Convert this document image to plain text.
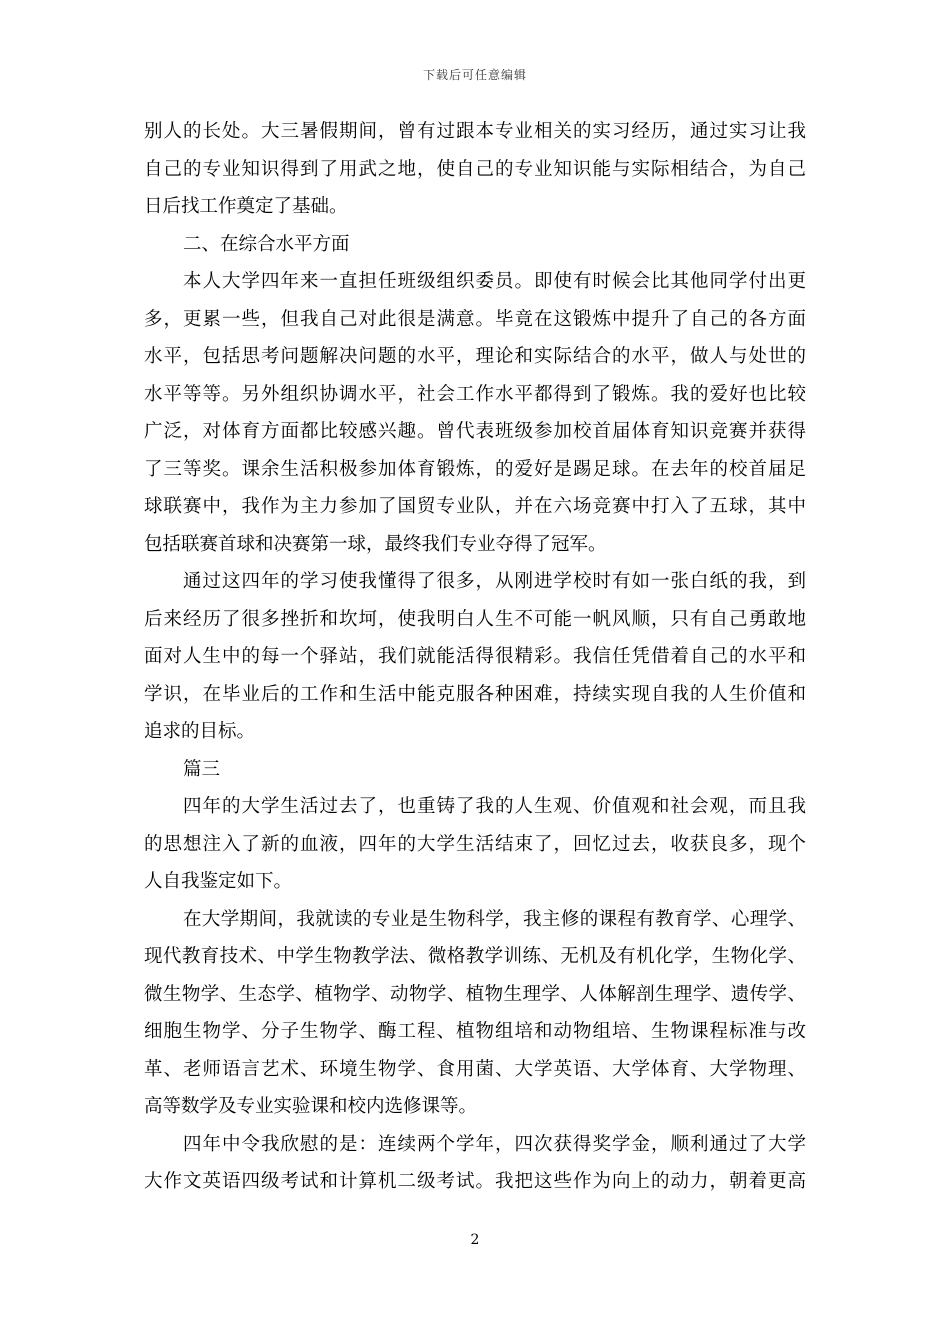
下载后可任意编辑
别人的长处。大三暑假期间，曾有过跟本专业相关的实习经历，通过实习让我
自己的专业知识得到了用武之地，使自己的专业知识能与实际相结合，为自己
日后找工作奠定了基础。
二、在综合水平方面
本人大学四年来一直担任班级组织委员。即使有时候会比其他同学付出更
多，更累一些，但我自己对此很是满意。毕竟在这锻炼中提升了自己的各方面
水平，包括思考问题解决问题的水平，理论和实际结合的水平，做人与处世的
水平等等。另外组织协调水平，社会工作水平都得到了锻炼。我的爱好也比较
广泛，对体育方面都比较感兴趣。曾代表班级参加校首届体育知识竞赛并获得
了三等奖。课余生活积极参加体育锻炼，的爱好是踢足球。在去年的校首届足
球联赛中，我作为主力参加了国贸专业队，并在六场竞赛中打入了五球，其中
包括联赛首球和决赛第一球，最终我们专业夺得了冠军。
通过这四年的学习使我懂得了很多，从刚进学校时有如一张白纸的我，到
后来经历了很多挫折和坎坷，使我明白人生不可能一帆风顺，只有自己勇敢地
面对人生中的每一个驿站，我们就能活得很精彩。我信任凭借着自己的水平和
学识，在毕业后的工作和生活中能克服各种困难，持续实现自我的人生价值和
追求的目标。
篇三
四年的大学生活过去了，也重铸了我的人生观、价值观和社会观，而且我
的思想注入了新的血液，四年的大学生活结束了，回忆过去，收获良多，现个
人自我鉴定如下。
在大学期间，我就读的专业是生物科学，我主修的课程有教育学、心理学、
现代教育技术、中学生物教学法、微格教学训练、无机及有机化学，生物化学、
微生物学、生态学、植物学、动物学、植物生理学、人体解剖生理学、遗传学、
细胞生物学、分子生物学、酶工程、植物组培和动物组培、生物课程标准与改
革、老师语言艺术、环境生物学、食用菌、大学英语、大学体育、大学物理、
高等数学及专业实验课和校内选修课等。
四年中令我欣慰的是：连续两个学年，四次获得奖学金，顺利通过了大学
大作文英语四级考试和计算机二级考试。我把这些作为向上的动力，朝着更高
2
